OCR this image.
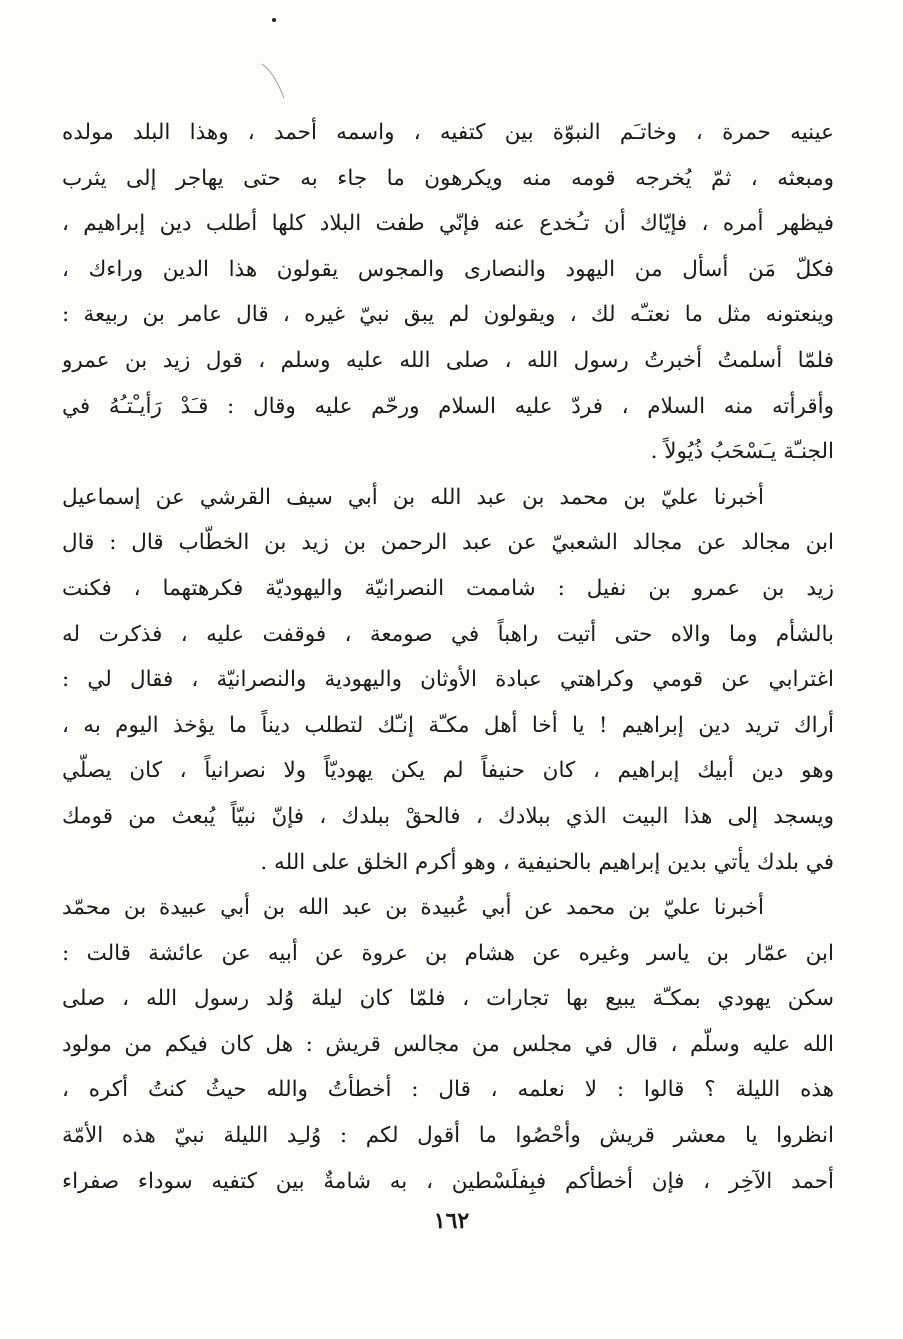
عينيه حمرة ، وخاتـَم النبوّة بين كتفيه ، واسمه أحمد ، وهذا البلد مولده
ومبعثه ، ثمّ يُخرجه قومه منه ويكرهون ما جاء به حتى يهاجر إلى يثرب
فيظهر أمره ، فإيّاك أن تـُخدع عنه فإنّي طفت البلاد كلها أطلب دين إبراهيم ،
فكلّ مَن أسأل من اليهود والنصارى والمجوس يقولون هذا الدين وراءك ،
وينعتونه مثل ما نعتـّه لك ، ويقولون لم يبق نبيّ غيره ، قال عامر بن ربيعة :
فلمّا أسلمتُ أخبرتُ رسول الله ، صلى الله عليه وسلم ، قول زيد بن عمرو
وأقرأته منه السلام ، فردّ عليه السلام ورحّم عليه وقال : قـَدْ رَأيـْتـُهُ في
الجنـّة يـَسْحَبُ ذُيُولاً .
أخبرنا عليّ بن محمد بن عبد الله بن أبي سيف القرشي عن إسماعيل
ابن مجالد عن مجالد الشعبيّ عن عبد الرحمن بن زيد بن الخطّاب قال : قال
زيد بن عمرو بن نفيل : شاممت النصرانيّة واليهوديّة فكرهتهما ، فكنت
بالشأم وما والاه حتى أتيت راهباً في صومعة ، فوقفت عليه ، فذكرت له
اغترابي عن قومي وكراهتي عبادة الأوثان واليهودية والنصرانيّة ، فقال لي :
أراك تريد دين إبراهيم ! يا أخا أهل مكـّة إنـّك لتطلب ديناً ما يؤخذ اليوم به ،
وهو دين أبيك إبراهيم ، كان حنيفاً لم يكن يهوديّاً ولا نصرانياً ، كان يصلّي
ويسجد إلى هذا البيت الذي ببلادك ، فالحقْ ببلدك ، فإنّ نبيّاً يُبعث من قومك
في بلدك يأتي بدين إبراهيم بالحنيفية ، وهو أكرم الخلق على الله .
أخبرنا عليّ بن محمد عن أبي عُبيدة بن عبد الله بن أبي عبيدة بن محمّد
ابن عمّار بن ياسر وغيره عن هشام بن عروة عن أبيه عن عائشة قالت :
سكن يهودي بمكـّة يبيع بها تجارات ، فلمّا كان ليلة وُلد رسول الله ، صلى
الله عليه وسلّم ، قال في مجلس من مجالس قريش : هل كان فيكم من مولود
هذه الليلة ؟ قالوا : لا نعلمه ، قال : أخطأتُ والله حيثُ كنتُ أكره ،
انظروا يا معشر قريش وأحْصُوا ما أقول لكم : وُلـِد الليلة نبيّ هذه الأمّة
أحمد الآخِر ، فإن أخطأكم فبِفلَسْطين ، به شامةٌ بين كتفيه سوداء صفراء
١٦٢
